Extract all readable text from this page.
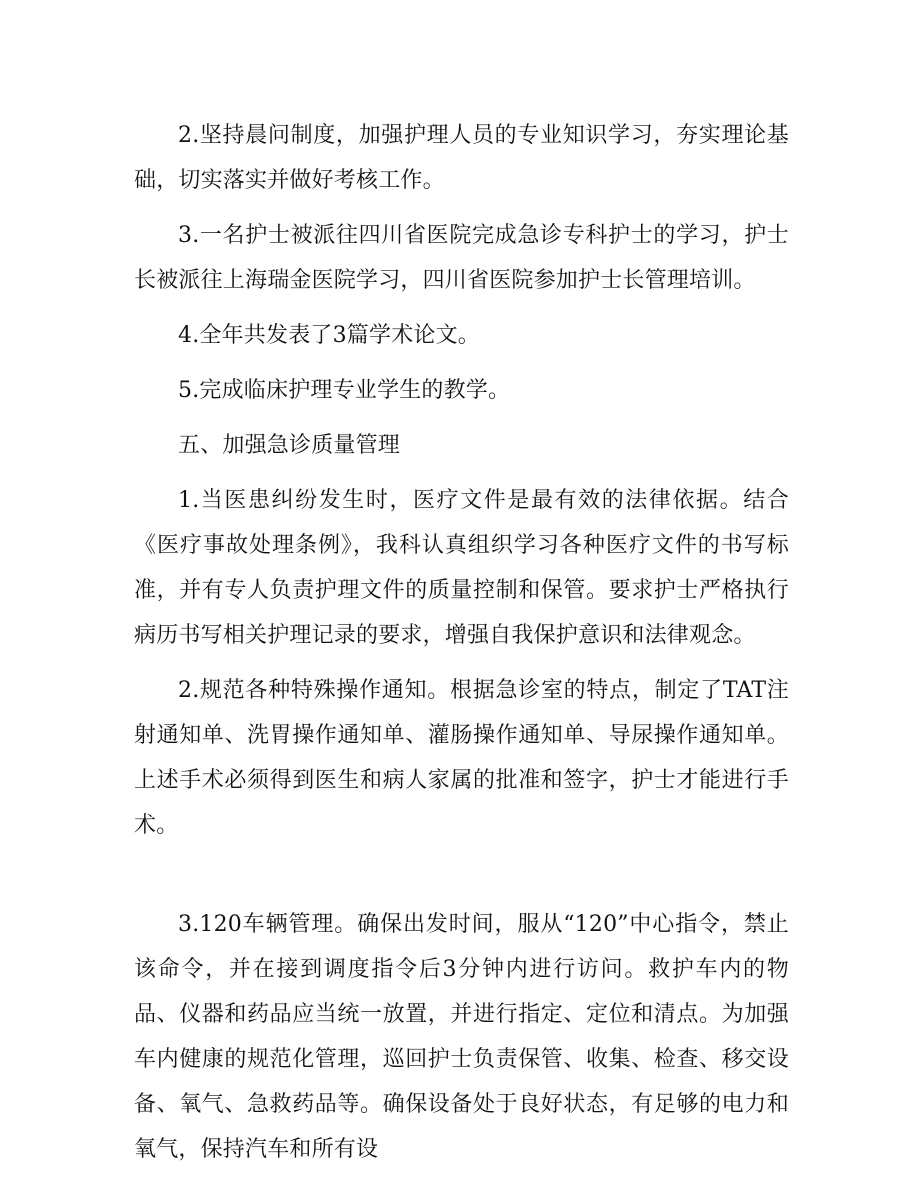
2.坚持晨问制度，加强护理人员的专业知识学习，夯实理论基础，切实落实并做好考核工作。

3.一名护士被派往四川省医院完成急诊专科护士的学习，护士长被派往上海瑞金医院学习，四川省医院参加护士长管理培训。

4.全年共发表了3篇学术论文。

5.完成临床护理专业学生的教学。

五、加强急诊质量管理

1.当医患纠纷发生时，医疗文件是最有效的法律依据。结合《医疗事故处理条例》，我科认真组织学习各种医疗文件的书写标准，并有专人负责护理文件的质量控制和保管。要求护士严格执行病历书写相关护理记录的要求，增强自我保护意识和法律观念。

2.规范各种特殊操作通知。根据急诊室的特点，制定了TAT注射通知单、洗胃操作通知单、灌肠操作通知单、导尿操作通知单。上述手术必须得到医生和病人家属的批准和签字，护士才能进行手术。

3.120车辆管理。确保出发时间，服从“120”中心指令，禁止该命令，并在接到调度指令后3分钟内进行访问。救护车内的物品、仪器和药品应当统一放置，并进行指定、定位和清点。为加强车内健康的规范化管理，巡回护士负责保管、收集、检查、移交设备、氧气、急救药品等。确保设备处于良好状态，有足够的电力和氧气，保持汽车和所有设
